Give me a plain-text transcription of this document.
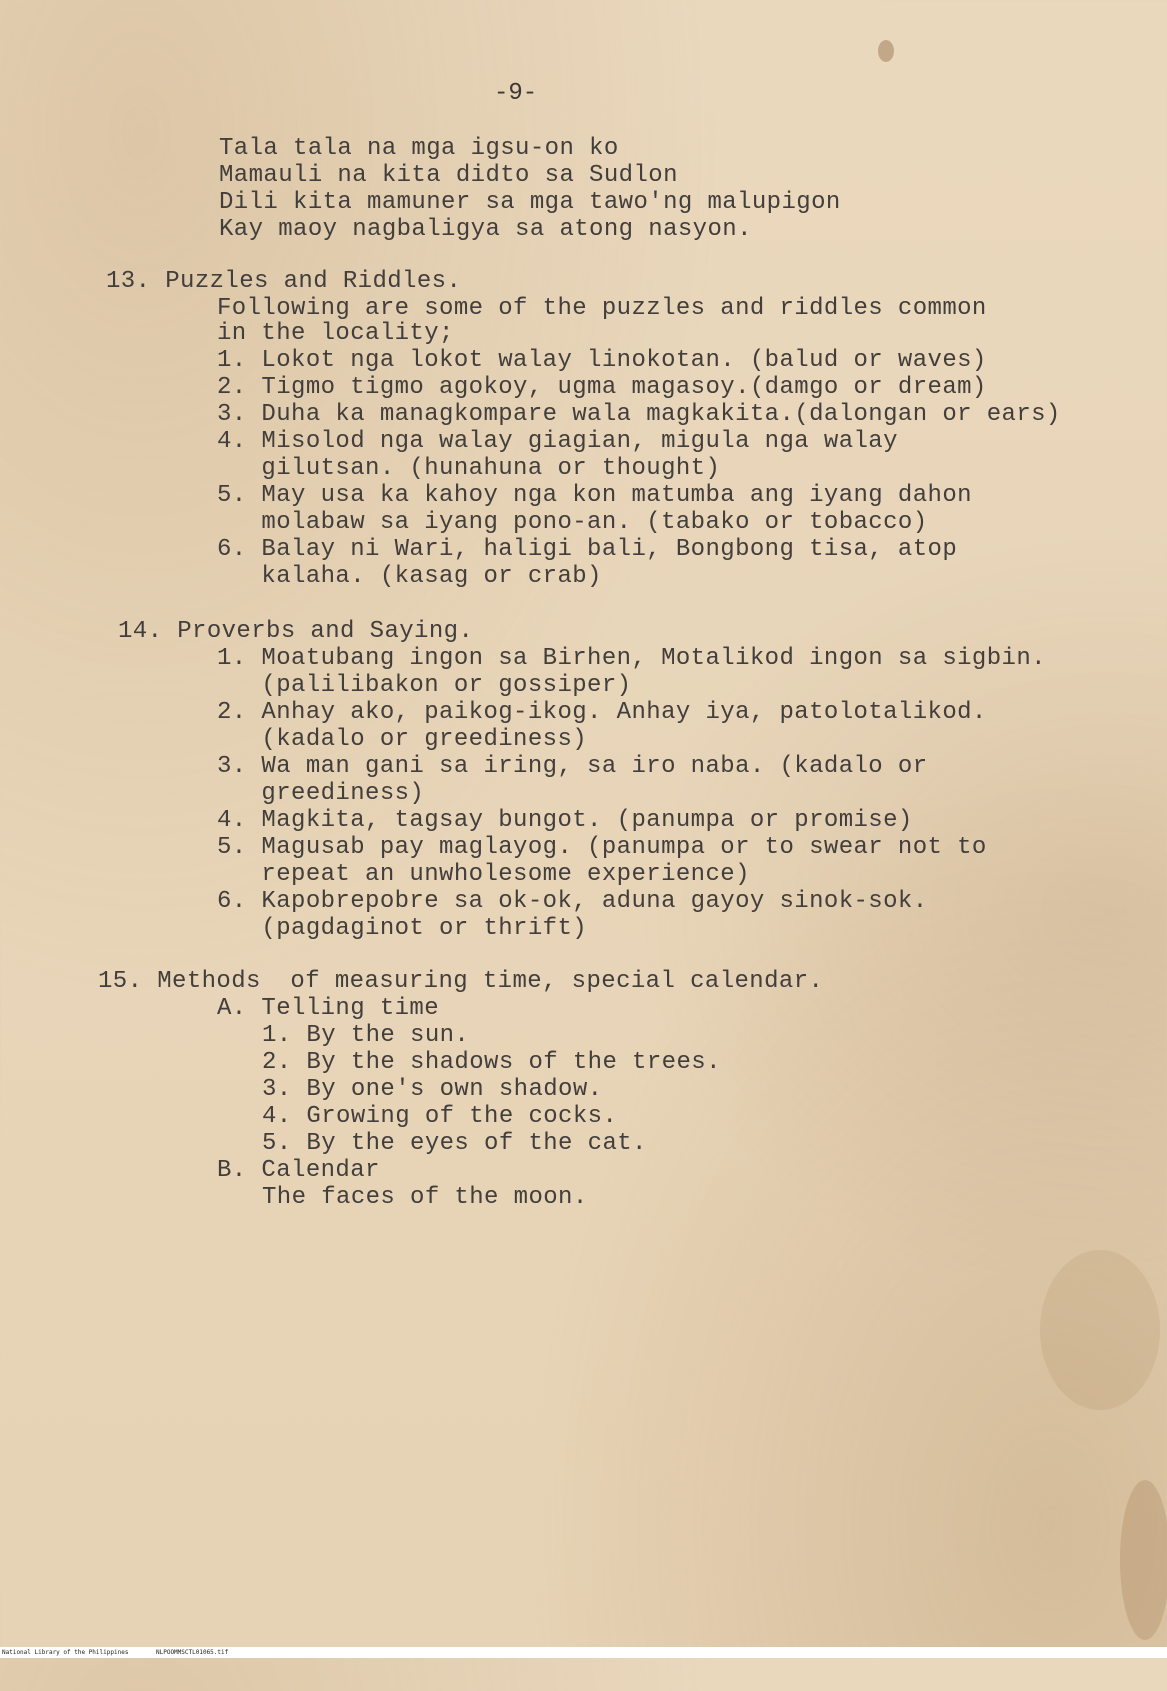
-9-
Tala tala na mga igsu-on ko
Mamauli na kita didto sa Sudlon
Dili kita mamuner sa mga tawo'ng malupigon
Kay maoy nagbaligya sa atong nasyon.
13. Puzzles and Riddles.
Following are some of the puzzles and riddles common
in the locality;
1. Lokot nga lokot walay linokotan. (balud or waves)
2. Tigmo tigmo agokoy, ugma magasoy.(damgo or dream)
3. Duha ka managkompare wala magkakita.(dalongan or ears)
4. Misolod nga walay giagian, migula nga walay
gilutsan. (hunahuna or thought)
5. May usa ka kahoy nga kon matumba ang iyang dahon
molabaw sa iyang pono-an. (tabako or tobacco)
6. Balay ni Wari, haligi bali, Bongbong tisa, atop
kalaha. (kasag or crab)
14. Proverbs and Saying.
1. Moatubang ingon sa Birhen, Motalikod ingon sa sigbin.
(palilibakon or gossiper)
2. Anhay ako, paikog-ikog. Anhay iya, patolotalikod.
(kadalo or greediness)
3. Wa man gani sa iring, sa iro naba. (kadalo or
greediness)
4. Magkita, tagsay bungot. (panumpa or promise)
5. Magusab pay maglayog. (panumpa or to swear not to
repeat an unwholesome experience)
6. Kapobrepobre sa ok-ok, aduna gayoy sinok-sok.
(pagdaginot or thrift)
15. Methods  of measuring time, special calendar.
A. Telling time
1. By the sun.
2. By the shadows of the trees.
3. By one's own shadow.
4. Growing of the cocks.
5. By the eyes of the cat.
B. Calendar
The faces of the moon.

National Library of the Philippines

	NLPOOMMSCTL01065.tif
